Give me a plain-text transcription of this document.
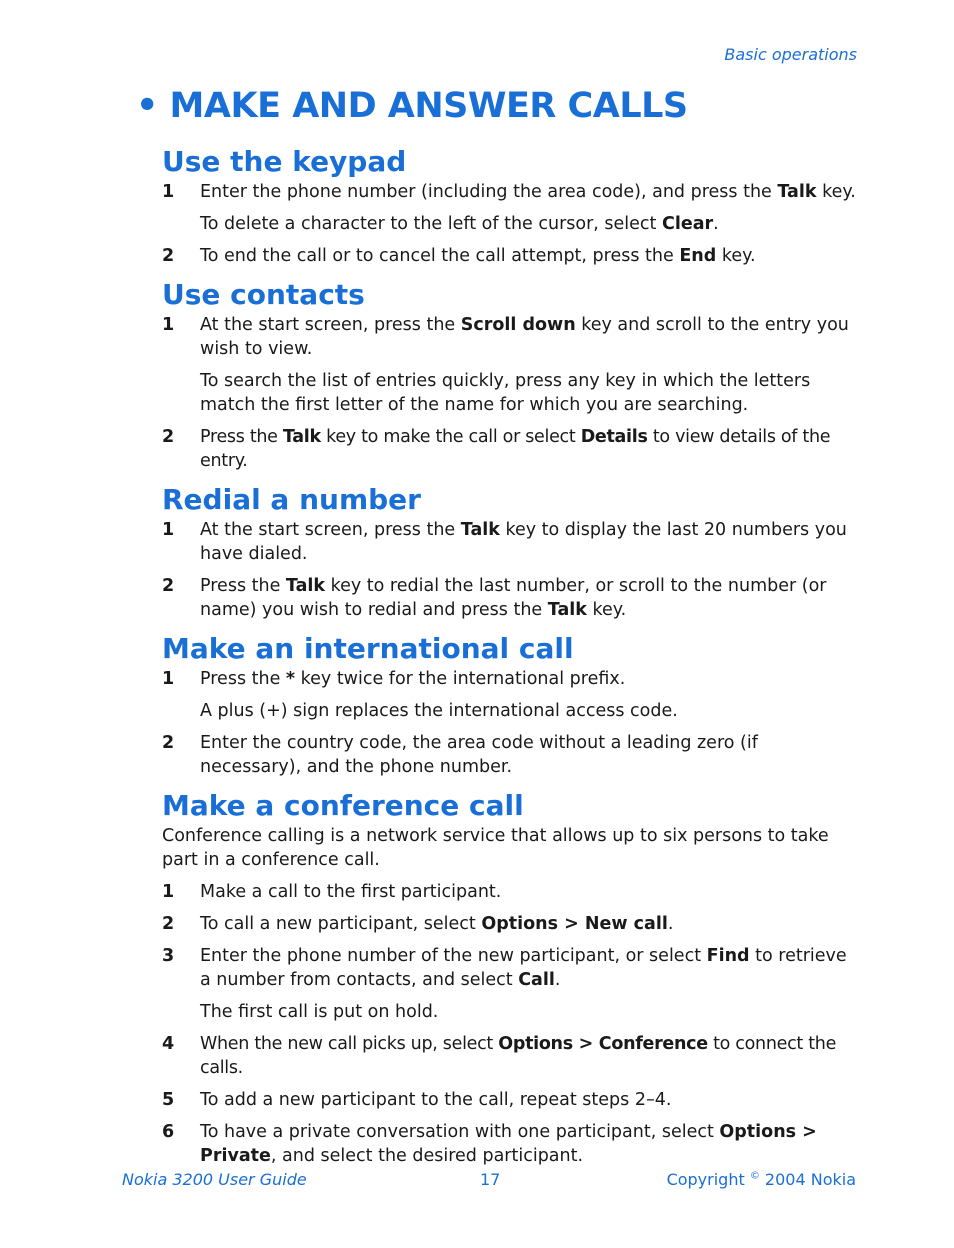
Basic operations
• MAKE AND ANSWER CALLS
Use the keypad
1 Enter the phone number (including the area code), and press the Talk key.
To delete a character to the left of the cursor, select Clear.
2 To end the call or to cancel the call attempt, press the End key.
Use contacts
1 At the start screen, press the Scroll down key and scroll to the entry you wish to view.
To search the list of entries quickly, press any key in which the letters match the first letter of the name for which you are searching.
2 Press the Talk key to make the call or select Details to view details of the entry.
Redial a number
1 At the start screen, press the Talk key to display the last 20 numbers you have dialed.
2 Press the Talk key to redial the last number, or scroll to the number (or name) you wish to redial and press the Talk key.
Make an international call
1 Press the * key twice for the international prefix.
A plus (+) sign replaces the international access code.
2 Enter the country code, the area code without a leading zero (if necessary), and the phone number.
Make a conference call
Conference calling is a network service that allows up to six persons to take part in a conference call.
1 Make a call to the first participant.
2 To call a new participant, select Options > New call.
3 Enter the phone number of the new participant, or select Find to retrieve a number from contacts, and select Call.
The first call is put on hold.
4 When the new call picks up, select Options > Conference to connect the calls.
5 To add a new participant to the call, repeat steps 2–4.
6 To have a private conversation with one participant, select Options > Private, and select the desired participant.
Nokia 3200 User Guide	17	Copyright © 2004 Nokia
